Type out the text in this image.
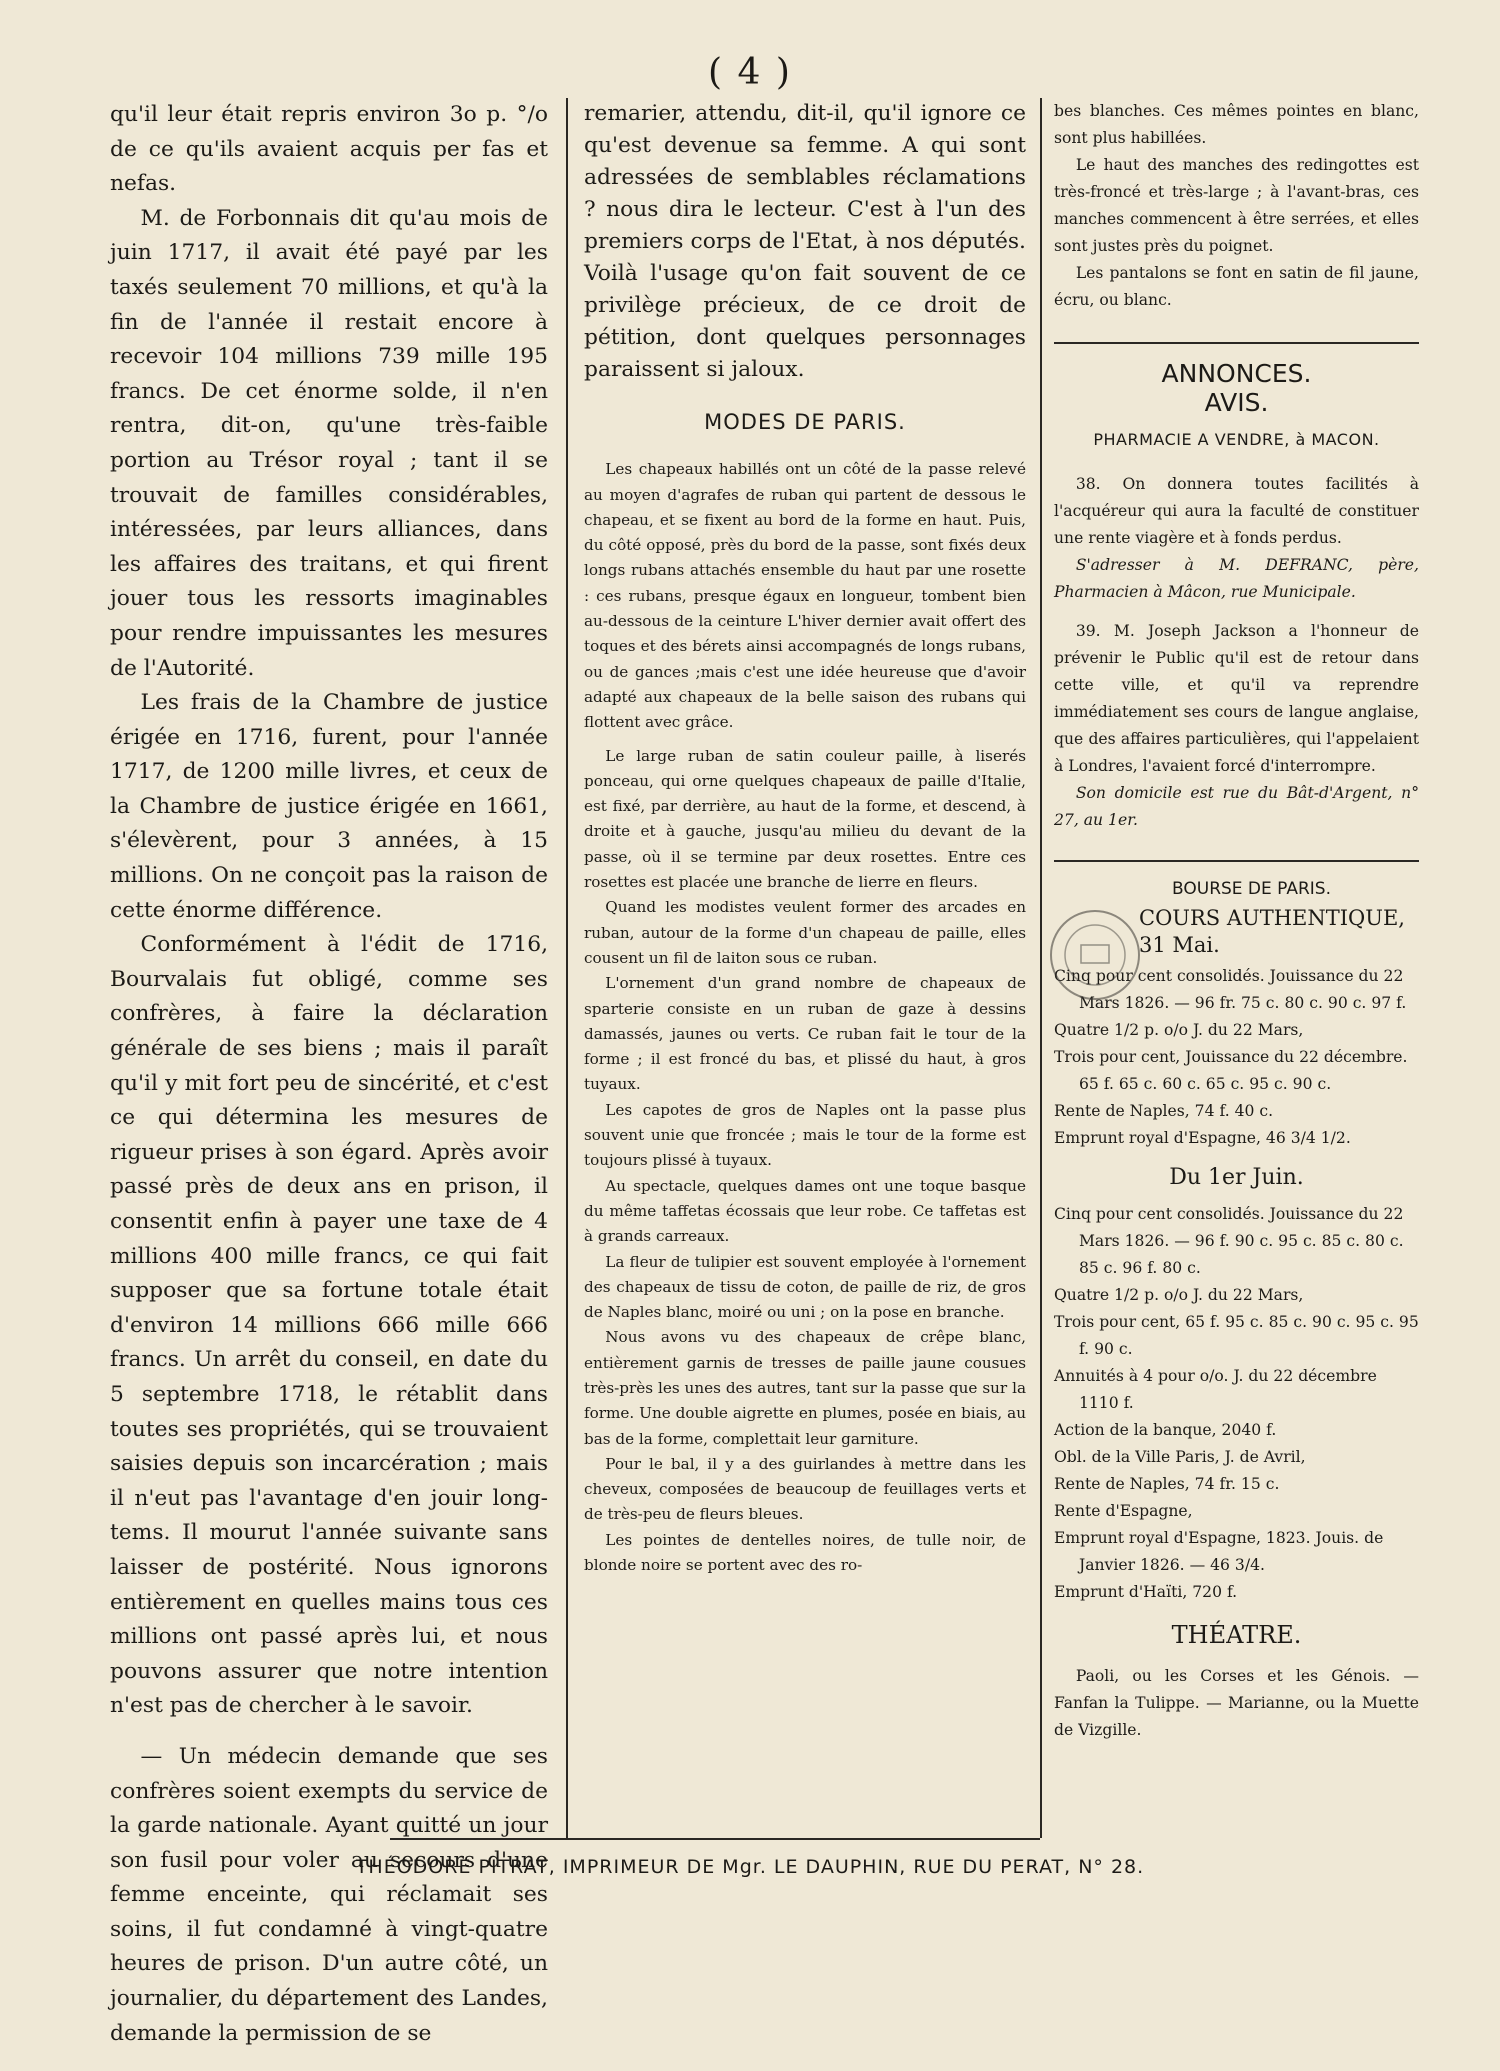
( 4 )

qu'il leur était repris environ 3o p. °/o de ce qu'ils avaient acquis per fas et nefas.

M. de Forbonnais dit qu'au mois de juin 1717, il avait été payé par les taxés seulement 70 millions, et qu'à la fin de l'année il restait encore à recevoir 104 millions 739 mille 195 francs. De cet énorme solde, il n'en rentra, dit-on, qu'une très-faible portion au Trésor royal ; tant il se trouvait de familles considérables, intéressées, par leurs alliances, dans les affaires des traitans, et qui firent jouer tous les ressorts imaginables pour rendre impuissantes les mesures de l'Autorité.

Les frais de la Chambre de justice érigée en 1716, furent, pour l'année 1717, de 1200 mille livres, et ceux de la Chambre de justice érigée en 1661, s'élevèrent, pour 3 années, à 15 millions. On ne conçoit pas la raison de cette énorme différence.

Conformément à l'édit de 1716, Bourvalais fut obligé, comme ses confrères, à faire la déclaration générale de ses biens ; mais il paraît qu'il y mit fort peu de sincérité, et c'est ce qui détermina les mesures de rigueur prises à son égard. Après avoir passé près de deux ans en prison, il consentit enfin à payer une taxe de 4 millions 400 mille francs, ce qui fait supposer que sa fortune totale était d'environ 14 millions 666 mille 666 francs. Un arrêt du conseil, en date du 5 septembre 1718, le rétablit dans toutes ses propriétés, qui se trouvaient saisies depuis son incarcération ; mais il n'eut pas l'avantage d'en jouir long-tems. Il mourut l'année suivante sans laisser de postérité. Nous ignorons entièrement en quelles mains tous ces millions ont passé après lui, et nous pouvons assurer que notre intention n'est pas de chercher à le savoir.

— Un médecin demande que ses confrères soient exempts du service de la garde nationale. Ayant quitté un jour son fusil pour voler au secours d'une femme enceinte, qui réclamait ses soins, il fut condamné à vingt-quatre heures de prison. D'un autre côté, un journalier, du département des Landes, demande la permission de se

remarier, attendu, dit-il, qu'il ignore ce qu'est devenue sa femme. A qui sont adressées de semblables réclamations ? nous dira le lecteur. C'est à l'un des premiers corps de l'Etat, à nos députés. Voilà l'usage qu'on fait souvent de ce privilège précieux, de ce droit de pétition, dont quelques personnages paraissent si jaloux.

MODES DE PARIS.

Les chapeaux habillés ont un côté de la passe relevé au moyen d'agrafes de ruban qui partent de dessous le chapeau, et se fixent au bord de la forme en haut. Puis, du côté opposé, près du bord de la passe, sont fixés deux longs rubans attachés ensemble du haut par une rosette : ces rubans, presque égaux en longueur, tombent bien au-dessous de la ceinture L'hiver dernier avait offert des toques et des bérets ainsi accompagnés de longs rubans, ou de gances ;mais c'est une idée heureuse que d'avoir adapté aux chapeaux de la belle saison des rubans qui flottent avec grâce.

Le large ruban de satin couleur paille, à liserés ponceau, qui orne quelques chapeaux de paille d'Italie, est fixé, par derrière, au haut de la forme, et descend, à droite et à gauche, jusqu'au milieu du devant de la passe, où il se termine par deux rosettes. Entre ces rosettes est placée une branche de lierre en fleurs.

Quand les modistes veulent former des arcades en ruban, autour de la forme d'un chapeau de paille, elles cousent un fil de laiton sous ce ruban.

L'ornement d'un grand nombre de chapeaux de sparterie consiste en un ruban de gaze à dessins damassés, jaunes ou verts. Ce ruban fait le tour de la forme ; il est froncé du bas, et plissé du haut, à gros tuyaux.

Les capotes de gros de Naples ont la passe plus souvent unie que froncée ; mais le tour de la forme est toujours plissé à tuyaux.

Au spectacle, quelques dames ont une toque basque du même taffetas écossais que leur robe. Ce taffetas est à grands carreaux.

La fleur de tulipier est souvent employée à l'ornement des chapeaux de tissu de coton, de paille de riz, de gros de Naples blanc, moiré ou uni ; on la pose en branche.

Nous avons vu des chapeaux de crêpe blanc, entièrement garnis de tresses de paille jaune cousues très-près les unes des autres, tant sur la passe que sur la forme. Une double aigrette en plumes, posée en biais, au bas de la forme, complettait leur garniture.

Pour le bal, il y a des guirlandes à mettre dans les cheveux, composées de beaucoup de feuillages verts et de très-peu de fleurs bleues.

Les pointes de dentelles noires, de tulle noir, de blonde noire se portent avec des ro-

bes blanches. Ces mêmes pointes en blanc, sont plus habillées.

Le haut des manches des redingottes est très-froncé et très-large ; à l'avant-bras, ces manches commencent à être serrées, et elles sont justes près du poignet.

Les pantalons se font en satin de fil jaune, écru, ou blanc.

ANNONCES.
AVIS.
PHARMACIE A VENDRE, à MACON.

38. On donnera toutes facilités à l'acquéreur qui aura la faculté de constituer une rente viagère et à fonds perdus.

S'adresser à M. DEFRANC, père, Pharmacien à Mâcon, rue Municipale.

39. M. Joseph Jackson a l'honneur de prévenir le Public qu'il est de retour dans cette ville, et qu'il va reprendre immédiatement ses cours de langue anglaise, que des affaires particulières, qui l'appelaient à Londres, l'avaient forcé d'interrompre.

Son domicile est rue du Bât-d'Argent, n° 27, au 1er.
BOURSE DE PARIS.
COURS AUTHENTIQUE, 31 Mai.
Cinq pour cent consolidés. Jouissance du 22 Mars 1826. — 96 fr. 75 c. 80 c. 90 c. 97 f.
Quatre 1/2 p. o/o J. du 22 Mars,
Trois pour cent, Jouissance du 22 décembre. 65 f. 65 c. 60 c. 65 c. 95 c. 90 c.
Rente de Naples, 74 f. 40 c.
Emprunt royal d'Espagne, 46 3/4 1/2.
Du 1er Juin.
Cinq pour cent consolidés. Jouissance du 22 Mars 1826. — 96 f. 90 c. 95 c. 85 c. 80 c. 85 c. 96 f. 80 c.
Quatre 1/2 p. o/o J. du 22 Mars,
Trois pour cent, 65 f. 95 c. 85 c. 90 c. 95 c. 95 f. 90 c.
Annuités à 4 pour o/o. J. du 22 décembre 1110 f.
Action de la banque, 2040 f.
Obl. de la Ville Paris, J. de Avril,
Rente de Naples, 74 fr. 15 c.
Rente d'Espagne,
Emprunt royal d'Espagne, 1823. Jouis. de Janvier 1826. — 46 3/4.
Emprunt d'Haïti, 720 f.
THÉATRE.

Paoli, ou les Corses et les Génois. — Fanfan la Tulippe. — Marianne, ou la Muette de Vizgille.

THÉODORE PITRAT, IMPRIMEUR DE Mgr. LE DAUPHIN, RUE DU PERAT, N° 28.
